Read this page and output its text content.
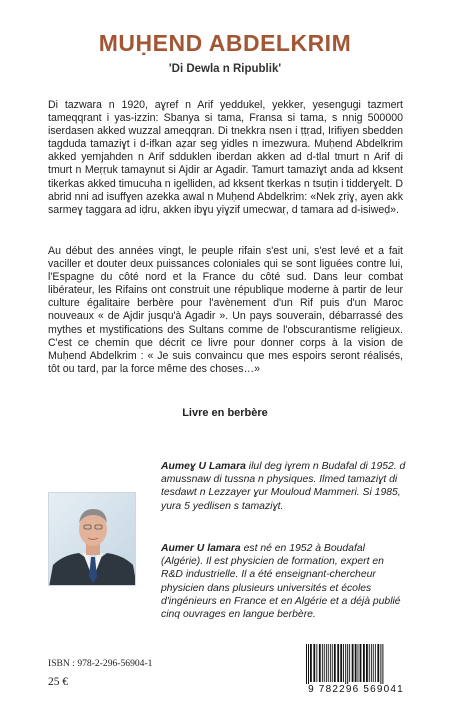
MUḤEND ABDELKRIM
'Di Dewla n Ripublik'
Di tazwara n 1920, aɣref n Arif yeddukel, yekker, yesengugi tazmert tameqqrant i yas-izzin: Sbanya si tama, Fransa si tama, s nnig 500000 iserdasen akked wuzzal ameqqran. Di tnekkra nsen i ṭṭṛad, Irifiyen sbedden tagduda tamaziɣt i d-ifkan aẓar seg yidles n imezwura. Muḥend Abdelkrim akked yemjahden n Arif sdduklen iberdan akken ad d-tlal tmurt n Arif di tmurt n Meṛṛuk tamaynut si Ajdir ar Agadir. Tamurt tamaziɣt anda ad kksent tikerkas akked timucuha n igelliden, ad kksent tkerkas n tsuṭin i tidderɣelt. D abrid nni ad isuffɣen azekka awal n Muḥend Abdelkrim: «Nek ẓriɣ, ayen akk sarmeɣ taggara ad iḍru, akken ibɣu yiɣzif umecwaṛ, d tamara ad d-isiweḍ».
Au début des années vingt, le peuple rifain s'est uni, s'est levé et a fait vaciller et douter deux puissances coloniales qui se sont liguées contre lui, l'Espagne du côté nord et la France du côté sud. Dans leur combat libérateur, les Rifains ont construit une république moderne à partir de leur culture égalitaire berbère pour l'avènement d'un Rif puis d'un Maroc nouveaux « de Ajdir jusqu'à Agadir ». Un pays souverain, débarrassé des mythes et mystifications des Sultans comme de l'obscurantisme religieux. C'est ce chemin que décrit ce livre pour donner corps à la vision de Muḥend Abdelkrim : « Je suis convaincu que mes espoirs seront réalisés, tôt ou tard, par la force même des choses…»
Livre en berbère
Aumeɣ U Lamara ilul deg iɣrem n Budafal di 1952. d amussnaw di tussna n physiques. Ilmed tamaziɣt di tesdawt n Lezzayer ɣur Mouloud Mammeri. Si 1985, yura 5 yedlisen s tamaziɣt.
Aumer U lamara est né en 1952 à Boudafal (Algérie). Il est physicien de formation, expert en R&D industrielle. Il a été enseignant-chercheur physicien dans plusieurs universités et écoles d'ingénieurs en France et en Algérie et a déjà publié cinq ouvrages en langue berbère.
ISBN : 978-2-296-56904-1
25 €
9 782296 569041
